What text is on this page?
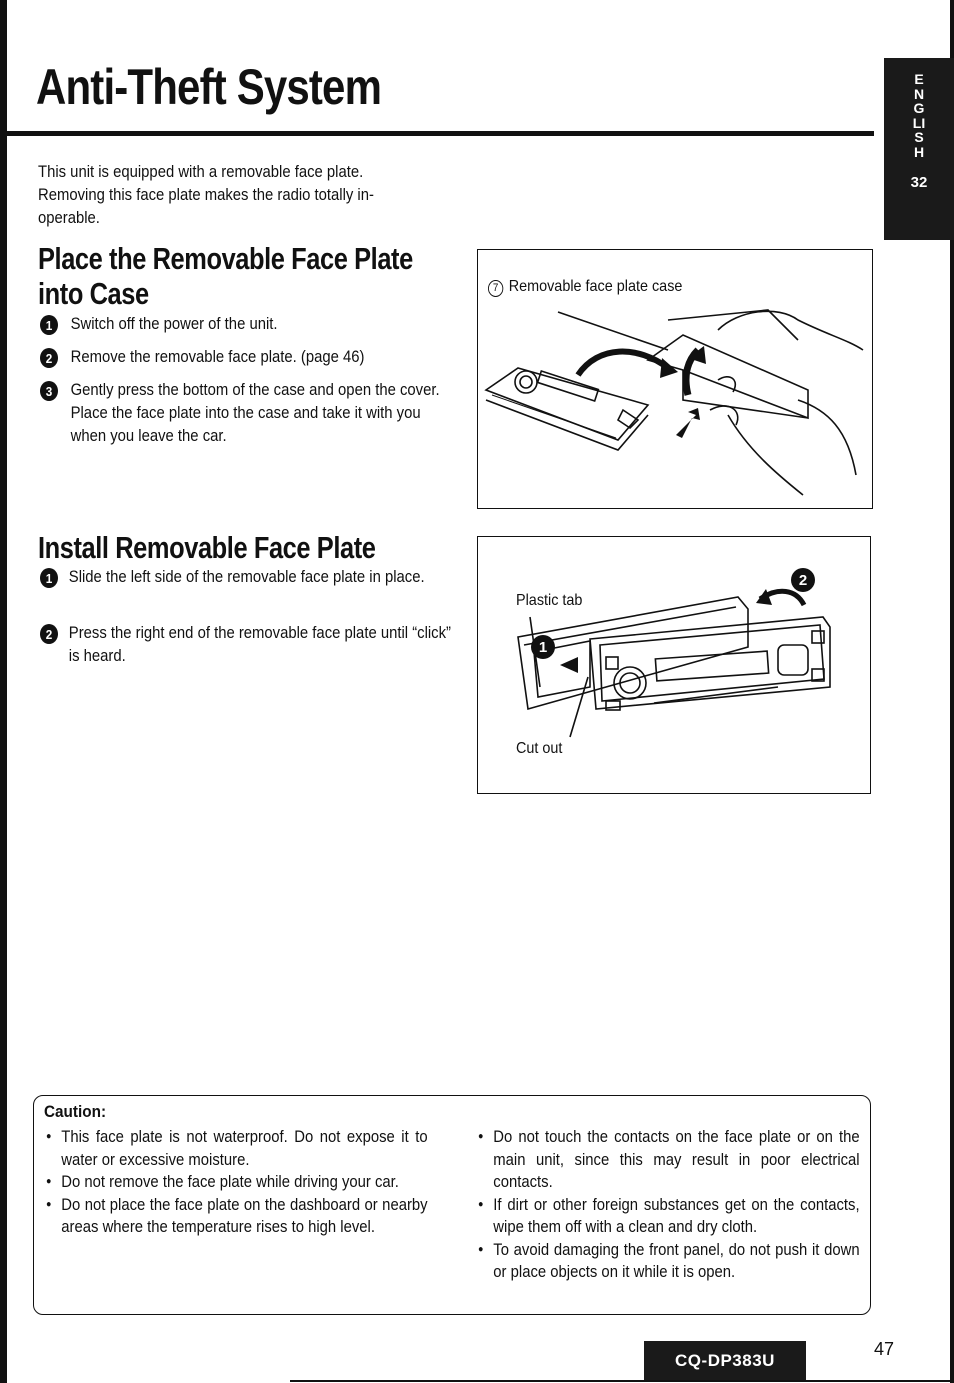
Anti-Theft System	ENGLISH
32
This unit is equipped with a removable face plate. Removing this face plate makes the radio totally in-operable.
Place the Removable Face Plate into Case
1	Switch off the power of the unit.
2	Remove the removable face plate. (page 46)
3	Gently press the bottom of the case and open the cover. Place the face plate into the case and take it with you when you leave the car.
7 Removable face plate case
Install Removable Face Plate
1	Slide the left side of the removable face plate in place.
2	Press the right end of the removable face plate until “click” is heard.
Plastic tab
Cut out
1
2
Caution:
● This face plate is not waterproof. Do not expose it to water or excessive moisture.
● Do not remove the face plate while driving your car.
● Do not place the face plate on the dashboard or nearby areas where the temperature rises to high level.
● Do not touch the contacts on the face plate or on the main unit, since this may result in poor electrical contacts.
● If dirt or other foreign substances get on the contacts, wipe them off with a clean and dry cloth.
● To avoid damaging the front panel, do not push it down or place objects on it while it is open.
CQ-DP383U
47
